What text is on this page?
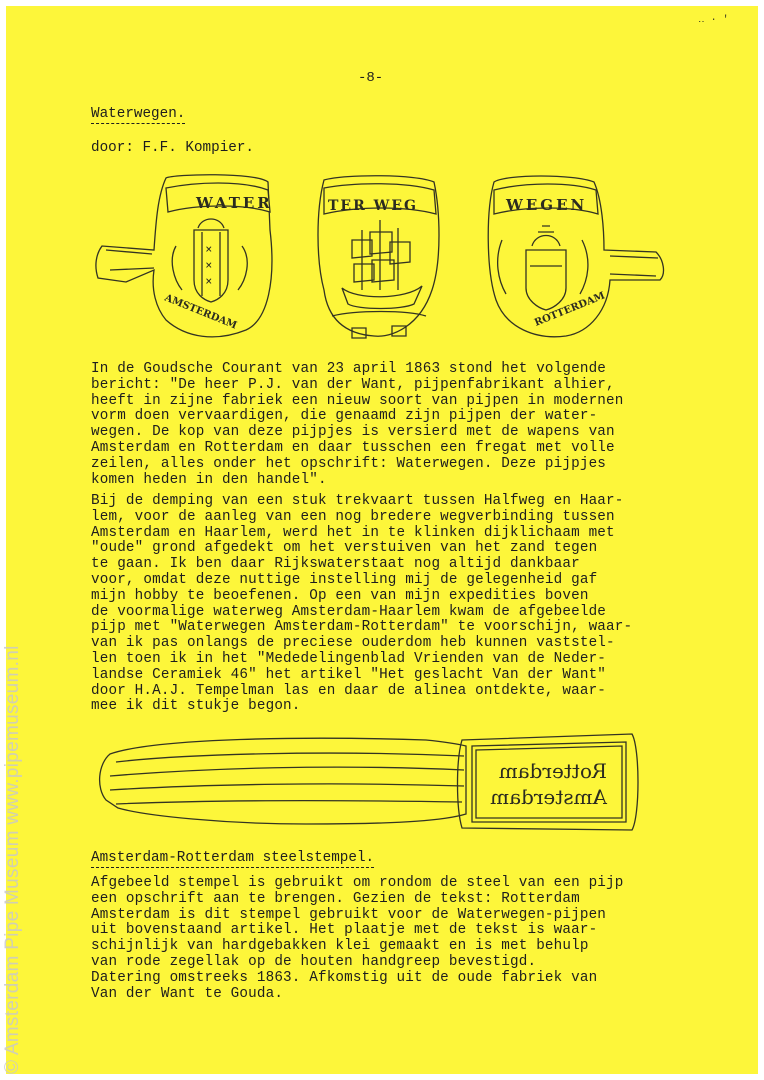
‥ · '
-8-
Waterwegen.
door: F.F. Kompier.
WATER
×
×
×
AMSTERDAM
TER WEG	WEGEN
ROTTERDAM
In de Goudsche Courant van 23 april 1863 stond het volgende
bericht: "De heer P.J. van der Want, pijpenfabrikant alhier,
heeft in zijne fabriek een nieuw soort van pijpen in modernen
vorm doen vervaardigen, die genaamd zijn pijpen der water-
wegen. De kop van deze pijpjes is versierd met de wapens van
Amsterdam en Rotterdam en daar tusschen een fregat met volle
zeilen, alles onder het opschrift: Waterwegen. Deze pijpjes
komen heden in den handel".
Bij de demping van een stuk trekvaart tussen Halfweg en Haar-
lem, voor de aanleg van een nog bredere wegverbinding tussen
Amsterdam en Haarlem, werd het in te klinken dijklichaam met
"oude" grond afgedekt om het verstuiven van het zand tegen
te gaan. Ik ben daar Rijkswaterstaat nog altijd dankbaar
voor, omdat deze nuttige instelling mij de gelegenheid gaf
mijn hobby te beoefenen. Op een van mijn expedities boven
de voormalige waterweg Amsterdam-Haarlem kwam de afgebeelde
pijp met "Waterwegen Amsterdam-Rotterdam" te voorschijn, waar-
van ik pas onlangs de preciese ouderdom heb kunnen vaststel-
len toen ik in het "Mededelingenblad Vrienden van de Neder-
landse Ceramiek 46" het artikel "Het geslacht Van der Want"
door H.A.J. Tempelman las en daar de alinea ontdekte, waar-
mee ik dit stukje begon.
Rotterdam
Amsterdam
Amsterdam-Rotterdam steelstempel.
Afgebeeld stempel is gebruikt om rondom de steel van een pijp
een opschrift aan te brengen. Gezien de tekst: Rotterdam
Amsterdam is dit stempel gebruikt voor de Waterwegen-pijpen
uit bovenstaand artikel. Het plaatje met de tekst is waar-
schijnlijk van hardgebakken klei gemaakt en is met behulp
van rode zegellak op de houten handgreep bevestigd.
Datering omstreeks 1863. Afkomstig uit de oude fabriek van
Van der Want te Gouda.
© Amsterdam Pipe Museum www.pipemuseum.nl
